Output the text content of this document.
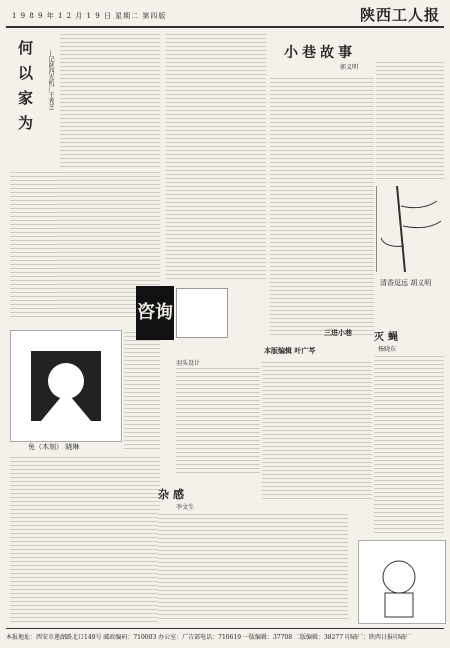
1 9 8 9 年 1 2 月 1 9 日 星期二 第四版	陕西工人报
何以家为	—记陕西光机厂王秀芝
免（木刻） 晓琳
小巷故事
郭义明
清香逗远 胡义明
咨询
羽头设计
本版编辑 叶广芩
杂感
李文生
三进小巷 灭蝇
杨晓东
本报地址：西安市莲湖路北口149号 邮政编码：710003 办公室：广告部电话：710619 一版编辑：37708 二版编辑：38277 印刷厂：陕西日报印刷厂
